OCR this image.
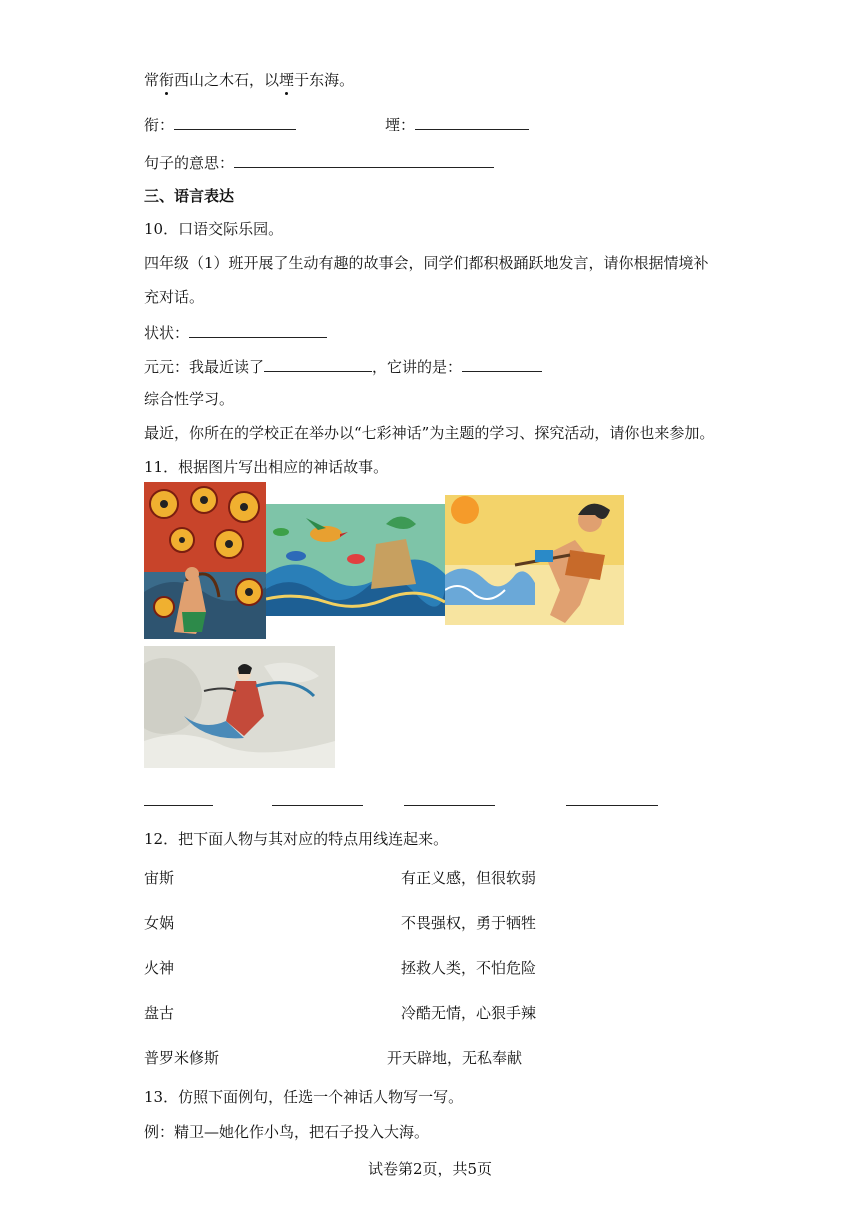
常衔西山之木石，以堙于东海。
衔：	堙：
句子的意思：
三、语言表达
10．口语交际乐园。
四年级（1）班开展了生动有趣的故事会，同学们都积极踊跃地发言，请你根据情境补
充对话。
状状：
元元：我最近读了	，它讲的是：
综合性学习。
最近，你所在的学校正在举办以“七彩神话”为主题的学习、探究活动，请你也来参加。
11．根据图片写出相应的神话故事。
12．把下面人物与其对应的特点用线连起来。
宙斯	有正义感，但很软弱
女娲	不畏强权，勇于牺牲
火神	拯救人类，不怕危险
盘古	冷酷无情，心狠手辣
普罗米修斯	开天辟地，无私奉献
13．仿照下面例句，任选一个神话人物写一写。
例：精卫—她化作小鸟，把石子投入大海。
试卷第2页，共5页
